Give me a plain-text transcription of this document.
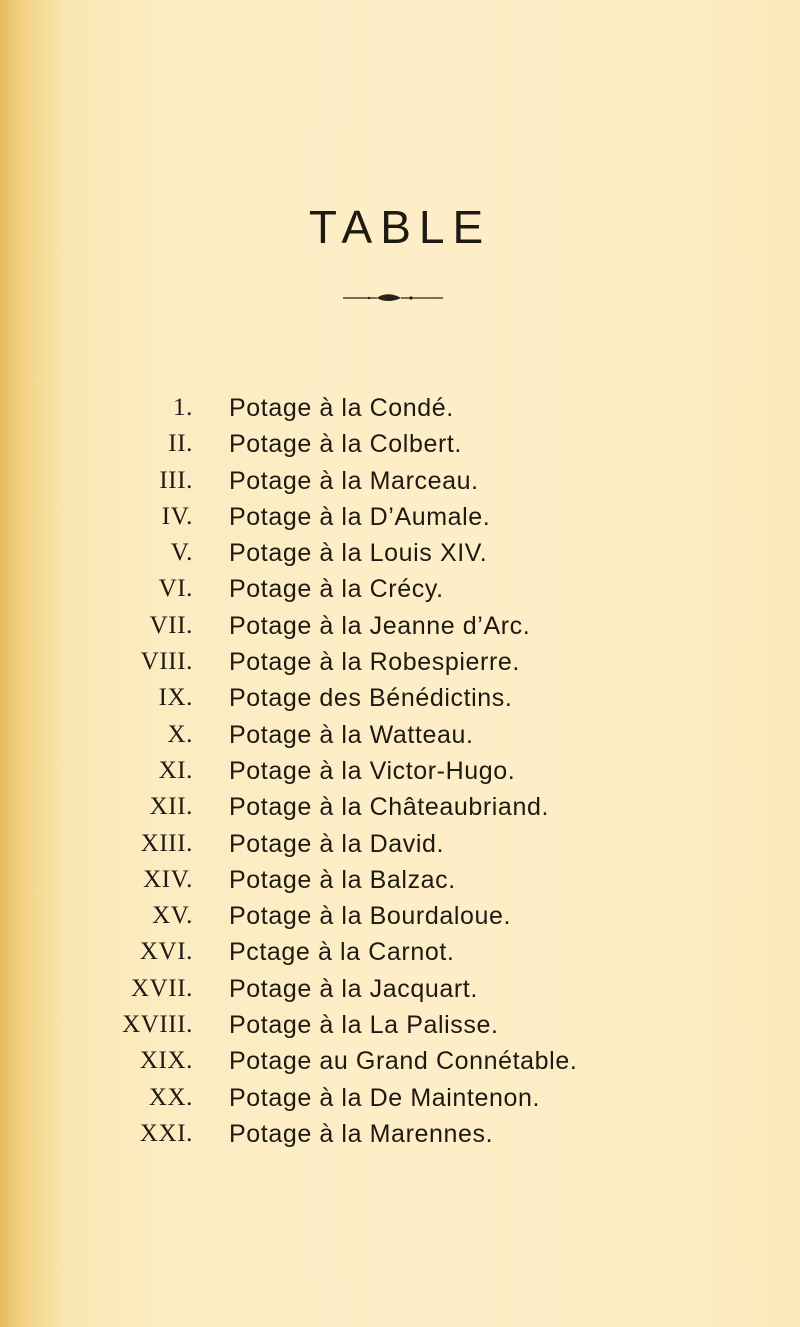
TABLE
1. Potage à la Condé.
II. Potage à la Colbert.
III. Potage à la Marceau.
IV. Potage à la D’Aumale.
V. Potage à la Louis XIV.
VI. Potage à la Crécy.
VII. Potage à la Jeanne d’Arc.
VIII. Potage à la Robespierre.
IX. Potage des Bénédictins.
X. Potage à la Watteau.
XI. Potage à la Victor-Hugo.
XII. Potage à la Châteaubriand.
XIII. Potage à la David.
XIV. Potage à la Balzac.
XV. Potage à la Bourdaloue.
XVI. Pctage à la Carnot.
XVII. Potage à la Jacquart.
XVIII. Potage à la La Palisse.
XIX. Potage au Grand Connétable.
XX. Potage à la De Maintenon.
XXI. Potage à la Marennes.
